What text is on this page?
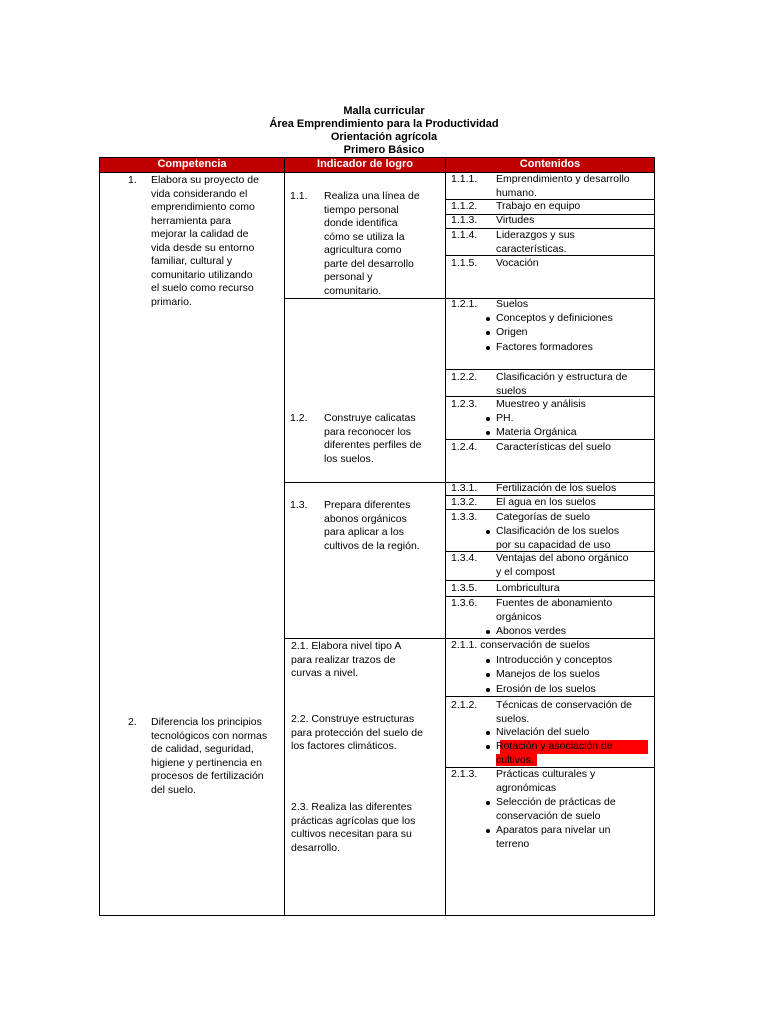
Malla curricular
Área Emprendimiento para la Productividad
Orientación agrícola
Primero Básico
Competencia	Indicador de logro	Contenidos
1. Elabora su proyecto de
vida considerando el
emprendimiento como
herramienta para
mejorar la calidad de
vida desde su entorno
familiar, cultural y
comunitario utilizando
el suelo como recurso
primario.
2. Diferencia los principios
tecnológicos con normas
de calidad, seguridad,
higiene y pertinencia en
procesos de fertilización
del suelo.
1.1. Realiza una línea de
tiempo personal
donde identifica
cómo se utiliza la
agricultura como
parte del desarrollo
personal y
comunitario.
1.2. Construye calicatas
para reconocer los
diferentes perfiles de
los suelos.
1.3. Prepara diferentes
abonos orgánicos
para aplicar a los
cultivos de la región.
2.1. Elabora nivel tipo A
para realizar trazos de
curvas a nivel.
2.2. Construye estructuras
para protección del suelo de
los factores climáticos.
2.3. Realiza las diferentes
prácticas agrícolas que los
cultivos necesitan para su
desarrollo.
1.1.1. Emprendimiento y desarrollo
humano.
1.1.2. Trabajo en equipo
1.1.3. Virtudes
1.1.4. Liderazgos y sus
características.
1.1.5. Vocación
1.2.1. Suelos
Conceptos y definiciones
Origen
Factores formadores
1.2.2. Clasificación y estructura de
suelos
1.2.3. Muestreo y análisis
PH.
Materia Orgánica
1.2.4. Características del suelo
1.3.1. Fertilización de los suelos
1.3.2. El agua en los suelos
1.3.3. Categorías de suelo
Clasificación de los suelos
por su capacidad de uso
1.3.4. Ventajas del abono orgánico
y el compost
1.3.5. Lombricultura
1.3.6. Fuentes de abonamiento
orgánicos
Abonos verdes
2.1.1. conservación de suelos
Introducción y conceptos
Manejos de los suelos
Erosión de los suelos
2.1.2. Técnicas de conservación de
suelos.
Nivelación del suelo
Rotación y asociación de
cultivos.
2.1.3. Prácticas culturales y
agronómicas
Selección de prácticas de
conservación de suelo
Aparatos para nivelar un
terreno
